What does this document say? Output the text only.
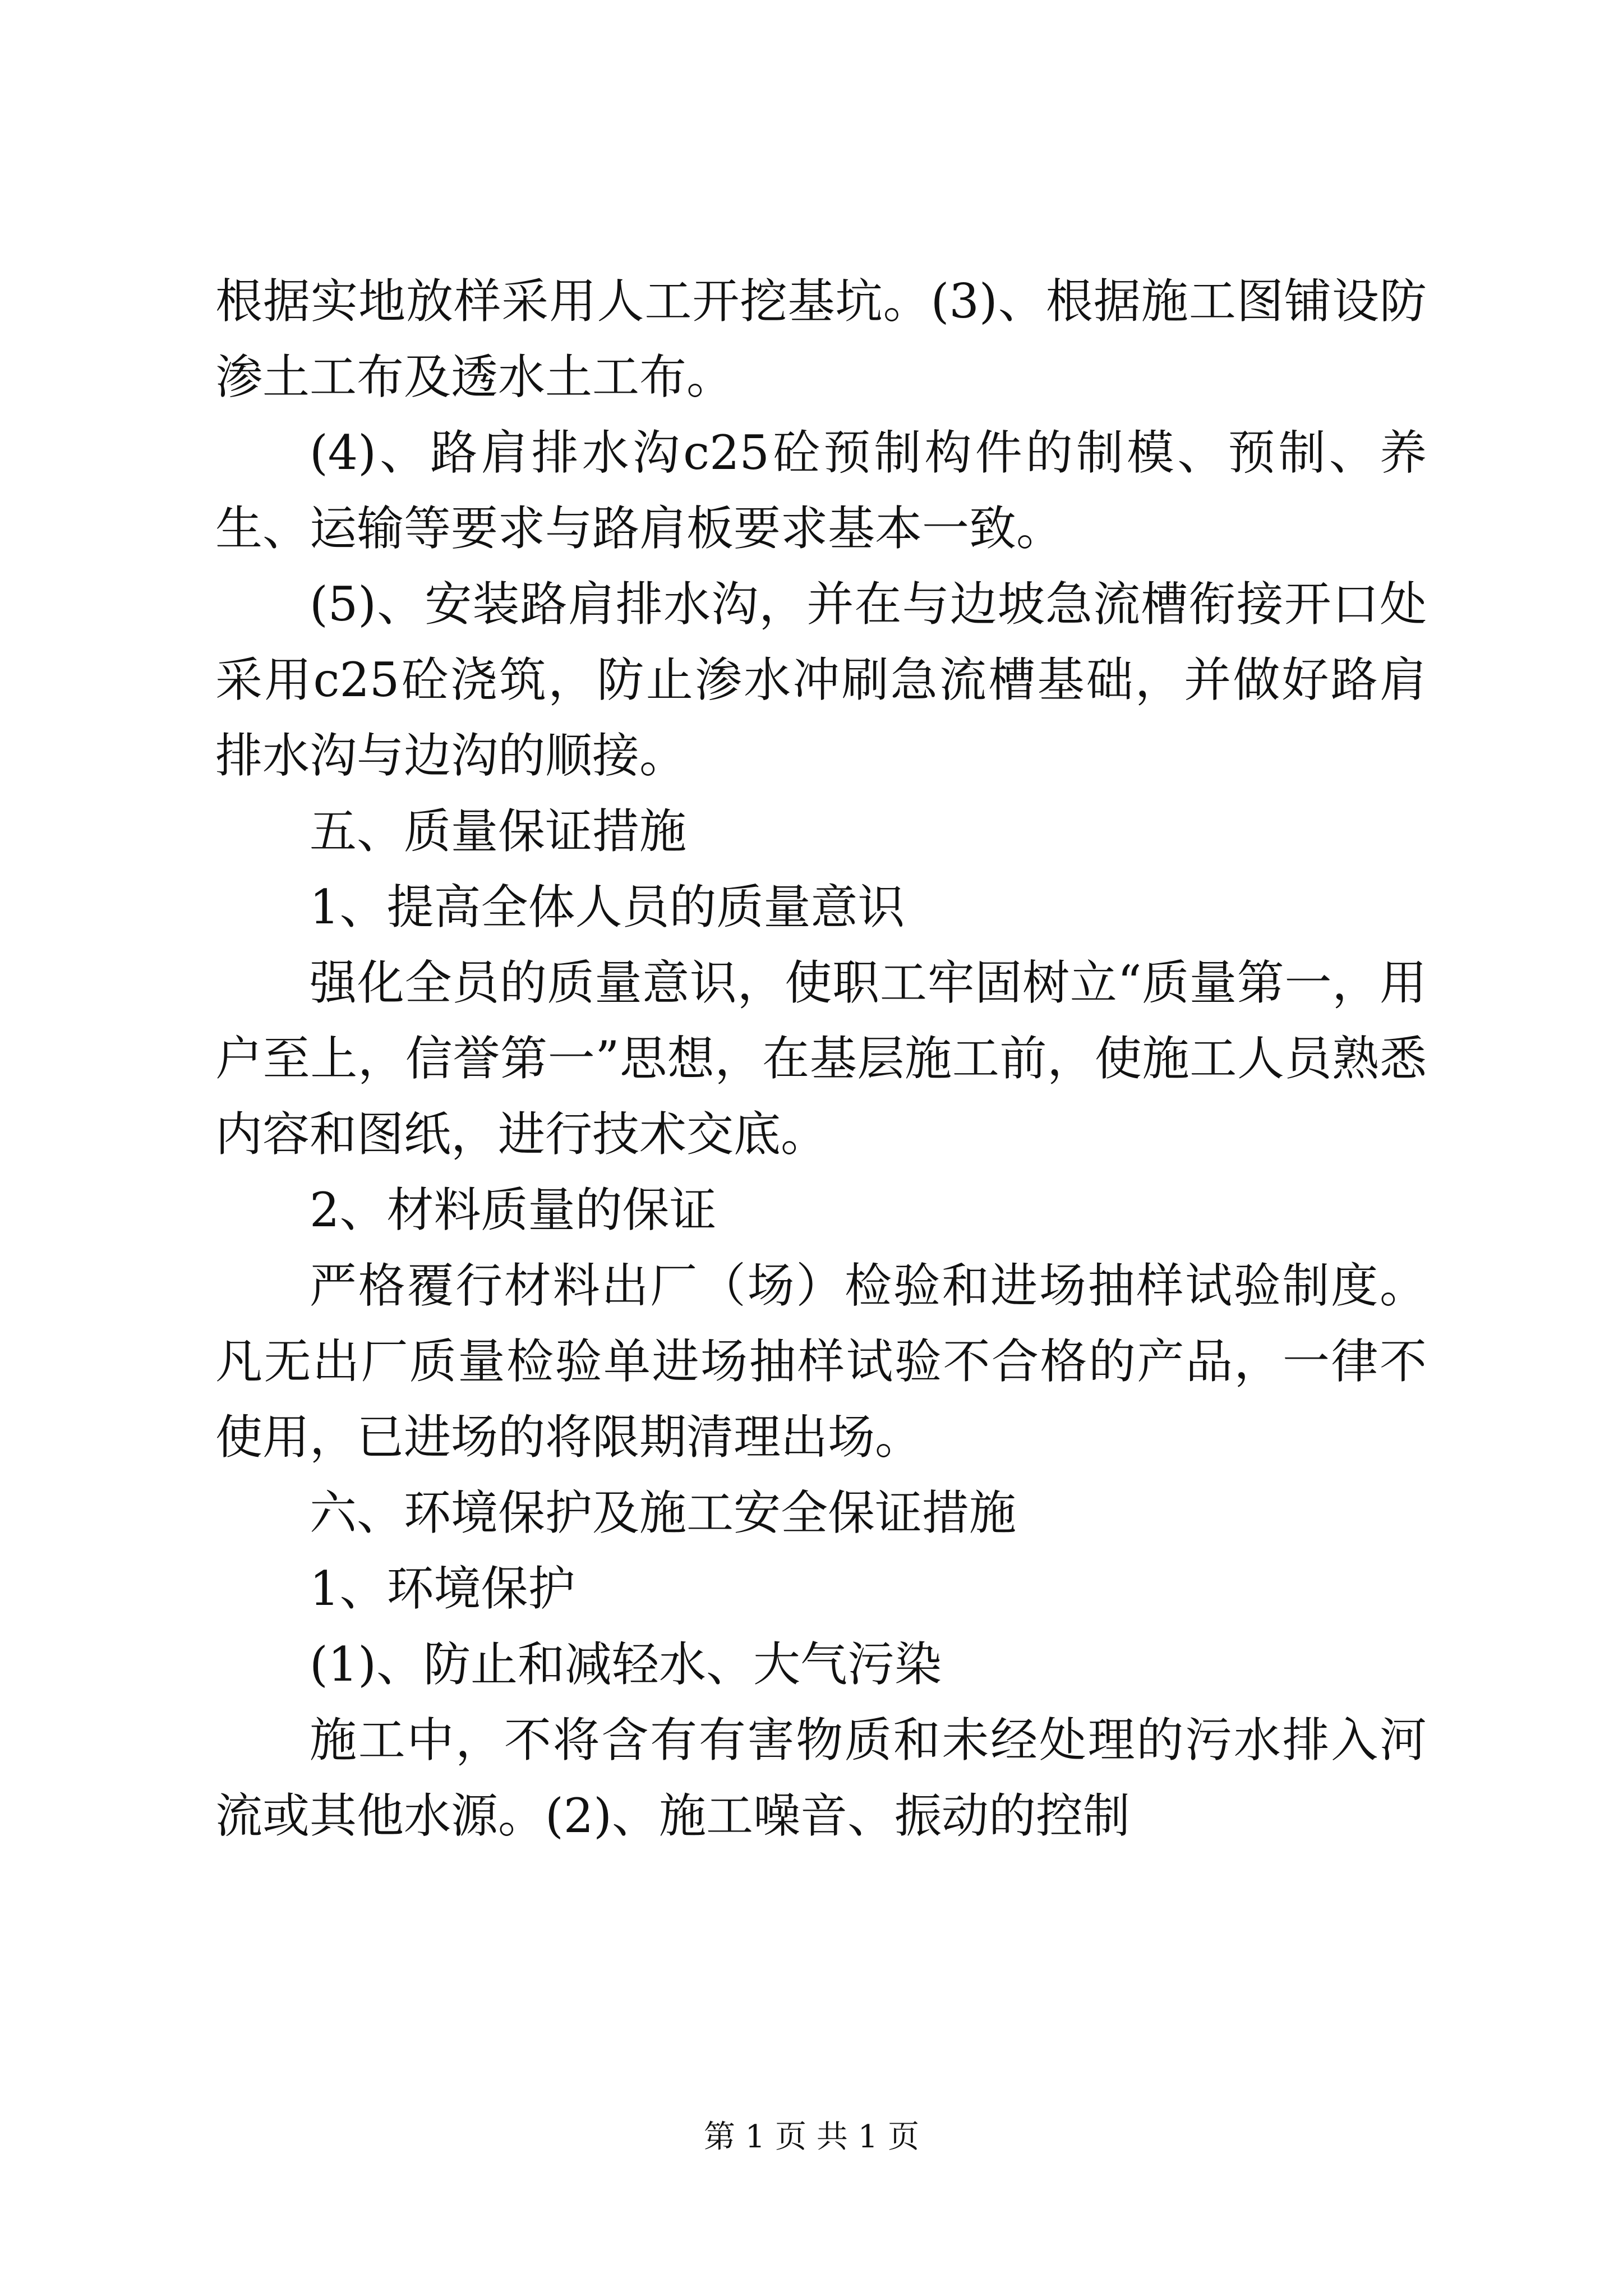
根据实地放样采用人工开挖基坑。(3)、根据施工图铺设防渗土工布及透水土工布。

(4)、路肩排水沟c25砼预制构件的制模、预制、养生、运输等要求与路肩板要求基本一致。

(5)、安装路肩排水沟，并在与边坡急流槽衔接开口处采用c25砼浇筑，防止渗水冲刷急流槽基础，并做好路肩排水沟与边沟的顺接。

五、质量保证措施

1、提高全体人员的质量意识

强化全员的质量意识，使职工牢固树立“质量第一，用户至上，信誉第一”思想，在基层施工前，使施工人员熟悉内容和图纸，进行技术交底。

2、材料质量的保证

严格覆行材料出厂（场）检验和进场抽样试验制度。凡无出厂质量检验单进场抽样试验不合格的产品，一律不使用，已进场的将限期清理出场。

六、环境保护及施工安全保证措施

1、环境保护

(1)、防止和减轻水、大气污染

施工中，不将含有有害物质和未经处理的污水排入河流或其他水源。(2)、施工噪音、振动的控制

第 1 页 共 1 页
